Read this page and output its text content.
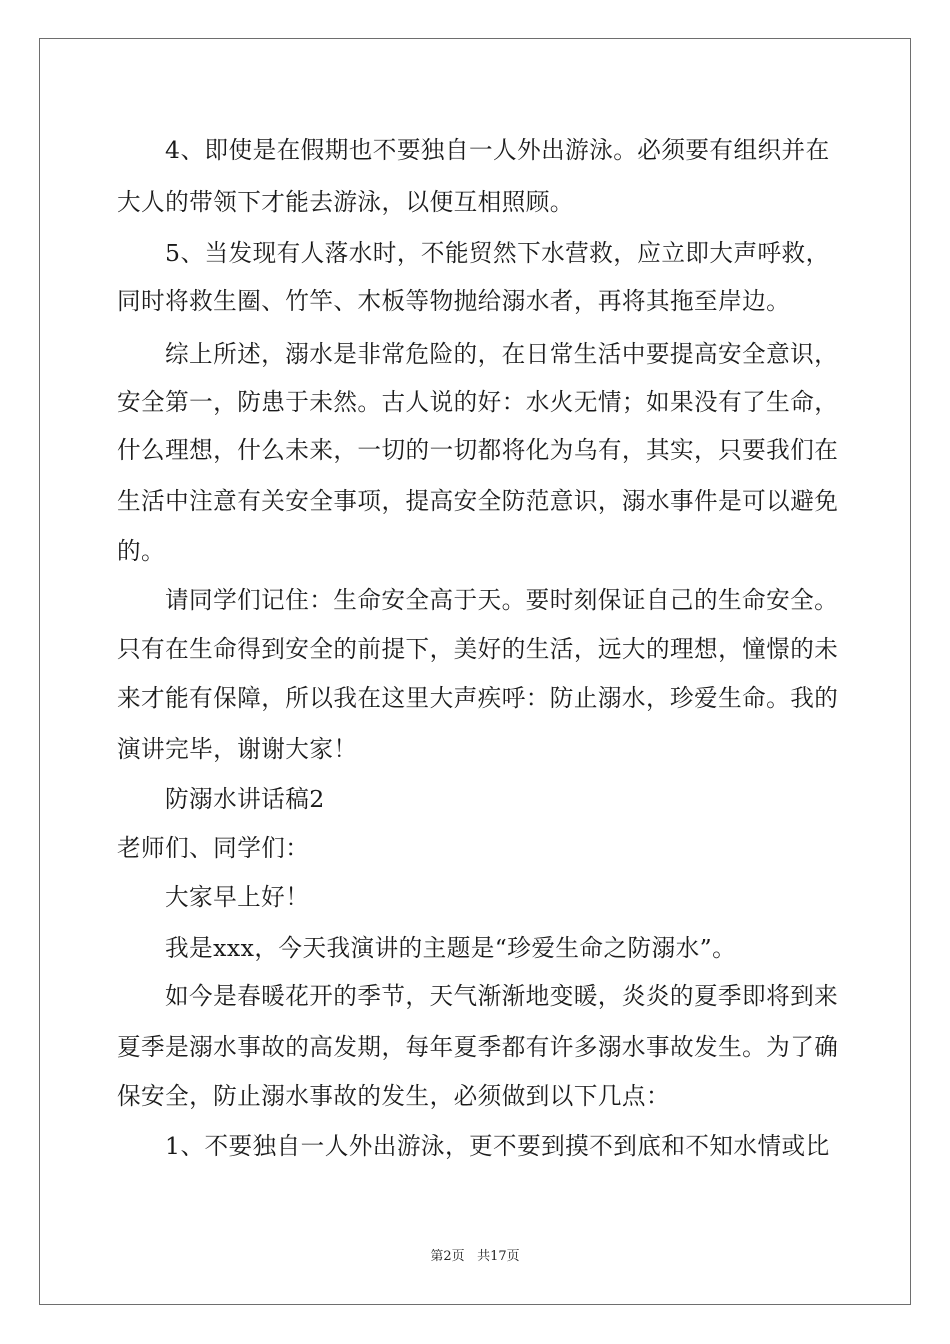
4、即使是在假期也不要独自一人外出游泳。必须要有组织并在
大人的带领下才能去游泳，以便互相照顾。
5、当发现有人落水时，不能贸然下水营救，应立即大声呼救，
同时将救生圈、竹竿、木板等物抛给溺水者，再将其拖至岸边。
综上所述，溺水是非常危险的，在日常生活中要提高安全意识，
安全第一，防患于未然。古人说的好：水火无情；如果没有了生命，
什么理想，什么未来，一切的一切都将化为乌有，其实，只要我们在
生活中注意有关安全事项，提高安全防范意识，溺水事件是可以避免
的。
请同学们记住：生命安全高于天。要时刻保证自己的生命安全。
只有在生命得到安全的前提下，美好的生活，远大的理想，憧憬的未
来才能有保障，所以我在这里大声疾呼：防止溺水，珍爱生命。我的
演讲完毕，谢谢大家！
防溺水讲话稿2
老师们、同学们：
大家早上好！
我是xxx，今天我演讲的主题是“珍爱生命之防溺水”。
如今是春暖花开的季节，天气渐渐地变暖，炎炎的夏季即将到来
夏季是溺水事故的高发期，每年夏季都有许多溺水事故发生。为了确
保安全，防止溺水事故的发生，必须做到以下几点：
1、不要独自一人外出游泳，更不要到摸不到底和不知水情或比
第2页 共17页
